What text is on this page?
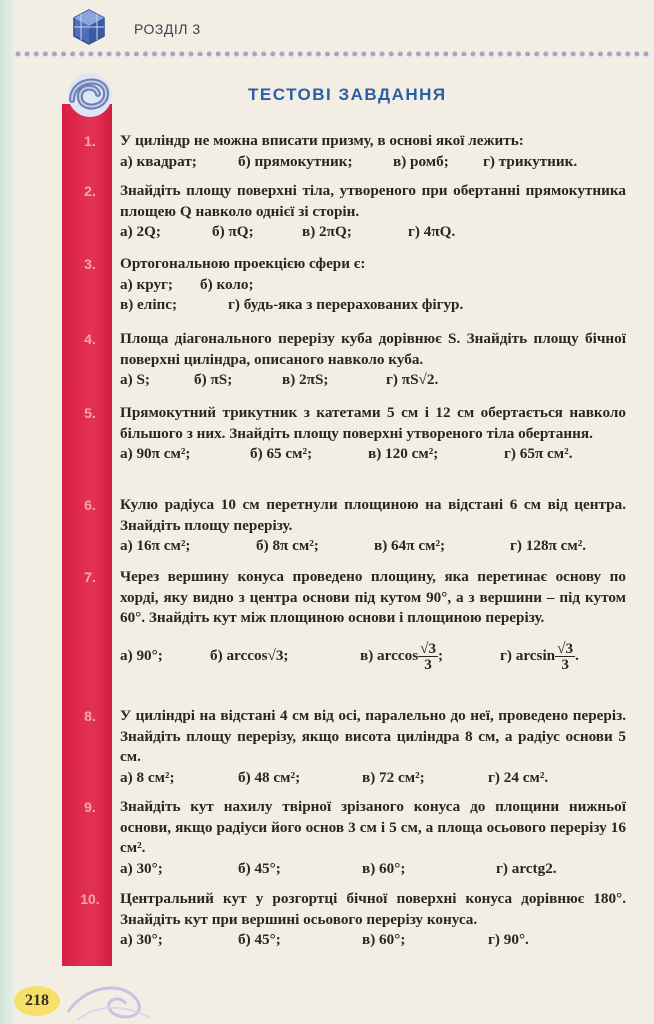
РОЗДІЛ 3
ТЕСТОВІ ЗАВДАННЯ
1.	У циліндр не можна вписати призму, в основі якої лежить:
а) квадрат;	б) прямокутник;	в) ромб;	г) трикутник.
2.	Знайдіть площу поверхні тіла, утвореного при обертанні прямокутника площею Q навколо однієї зі сторін.
а) 2Q;	б) πQ;	в) 2πQ;	г) 4πQ.
3.	Ортогональною проекцією сфери є:
а) круг;	б) коло;
в) еліпс;	г) будь-яка з перерахованих фігур.
4.	Площа діагонального перерізу куба дорівнює S. Знайдіть площу бічної поверхні циліндра, описаного навколо куба.
а) S;	б) πS;	в) 2πS;	г) πS√2.
5.	Прямокутний трикутник з катетами 5 см і 12 см обертається навколо більшого з них. Знайдіть площу поверхні утвореного тіла обертання.
а) 90π см²;	б) 65 см²;	в) 120 см²;	г) 65π см².
6.	Кулю радіуса 10 см перетнули площиною на відстані 6 см від центра. Знайдіть площу перерізу.
а) 16π см²;	б) 8π см²;	в) 64π см²;	г) 128π см².
7.	Через вершину конуса проведено площину, яка перетинає основу по хорді, яку видно з центра основи під кутом 90°, а з вершини – під кутом 60°. Знайдіть кут між площиною основи і площиною перерізу.
а) 90°;	б) arccos√3;	в) $\arccos \frac{√3}{3}$ ;	г) $\arcsin \frac{√3}{3}$ .
8.	У циліндрі на відстані 4 см від осі, паралельно до неї, проведено переріз. Знайдіть площу перерізу, якщо висота циліндра 8 см, а радіус основи 5 см.
а) 8 см²;	б) 48 см²;	в) 72 см²;	г) 24 см².
9.	Знайдіть кут нахилу твірної зрізаного конуса до площини нижньої основи, якщо радіуси його основ 3 см і 5 см, а площа осьового перерізу 16 см².
а) 30°;	б) 45°;	в) 60°;	г) arctg2.
10.	Центральний кут у розгортці бічної поверхні конуса дорівнює 180°. Знайдіть кут при вершині осьового перерізу конуса.
а) 30°;	б) 45°;	в) 60°;	г) 90°.
218
